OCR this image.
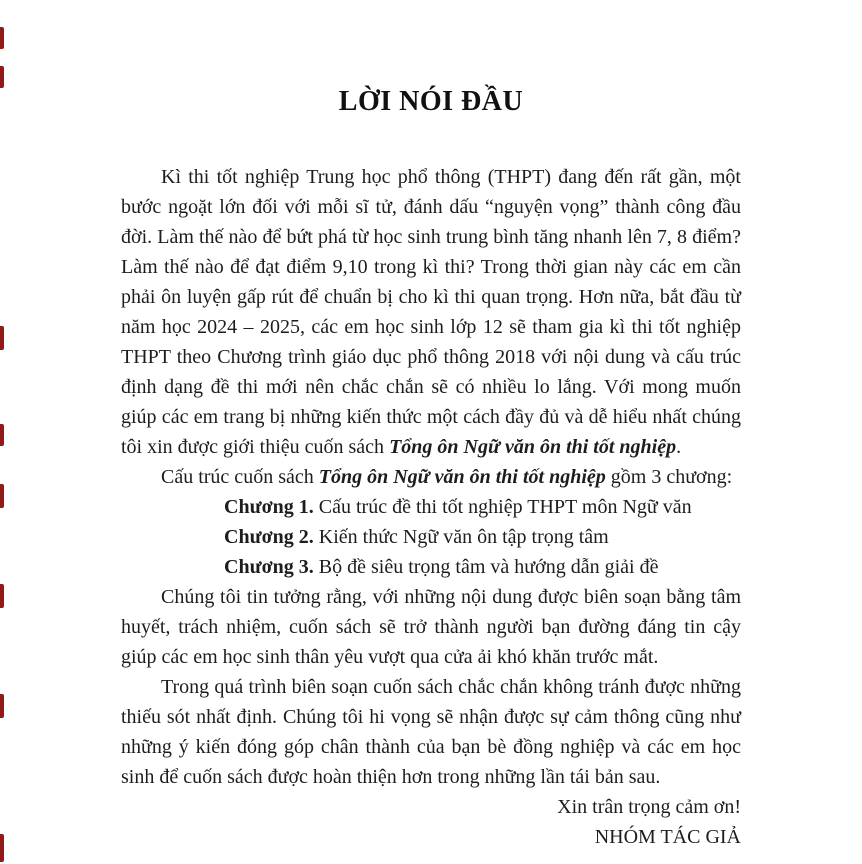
LỜI NÓI ĐẦU

Kì thi tốt nghiệp Trung học phổ thông (THPT) đang đến rất gần, một bước ngoặt lớn đối với mỗi sĩ tử, đánh dấu “nguyện vọng” thành công đầu đời. Làm thế nào để bứt phá từ học sinh trung bình tăng nhanh lên 7, 8 điểm? Làm thế nào để đạt điểm 9,10 trong kì thi? Trong thời gian này các em cần phải ôn luyện gấp rút để chuẩn bị cho kì thi quan trọng. Hơn nữa, bắt đầu từ năm học 2024 – 2025, các em học sinh lớp 12 sẽ tham gia kì thi tốt nghiệp THPT theo Chương trình giáo dục phổ thông 2018 với nội dung và cấu trúc định dạng đề thi mới nên chắc chắn sẽ có nhiều lo lắng. Với mong muốn giúp các em trang bị những kiến thức một cách đầy đủ và dễ hiểu nhất chúng tôi xin được giới thiệu cuốn sách Tổng ôn Ngữ văn ôn thi tốt nghiệp.

Cấu trúc cuốn sách Tổng ôn Ngữ văn ôn thi tốt nghiệp gồm 3 chương:

Chương 1. Cấu trúc đề thi tốt nghiệp THPT môn Ngữ văn

Chương 2. Kiến thức Ngữ văn ôn tập trọng tâm

Chương 3. Bộ đề siêu trọng tâm và hướng dẫn giải đề

Chúng tôi tin tưởng rằng, với những nội dung được biên soạn bằng tâm huyết, trách nhiệm, cuốn sách sẽ trở thành người bạn đường đáng tin cậy giúp các em học sinh thân yêu vượt qua cửa ải khó khăn trước mắt.

Trong quá trình biên soạn cuốn sách chắc chắn không tránh được những thiếu sót nhất định. Chúng tôi hi vọng sẽ nhận được sự cảm thông cũng như những ý kiến đóng góp chân thành của bạn bè đồng nghiệp và các em học sinh để cuốn sách được hoàn thiện hơn trong những lần tái bản sau.

Xin trân trọng cảm ơn!

NHÓM TÁC GIẢ
